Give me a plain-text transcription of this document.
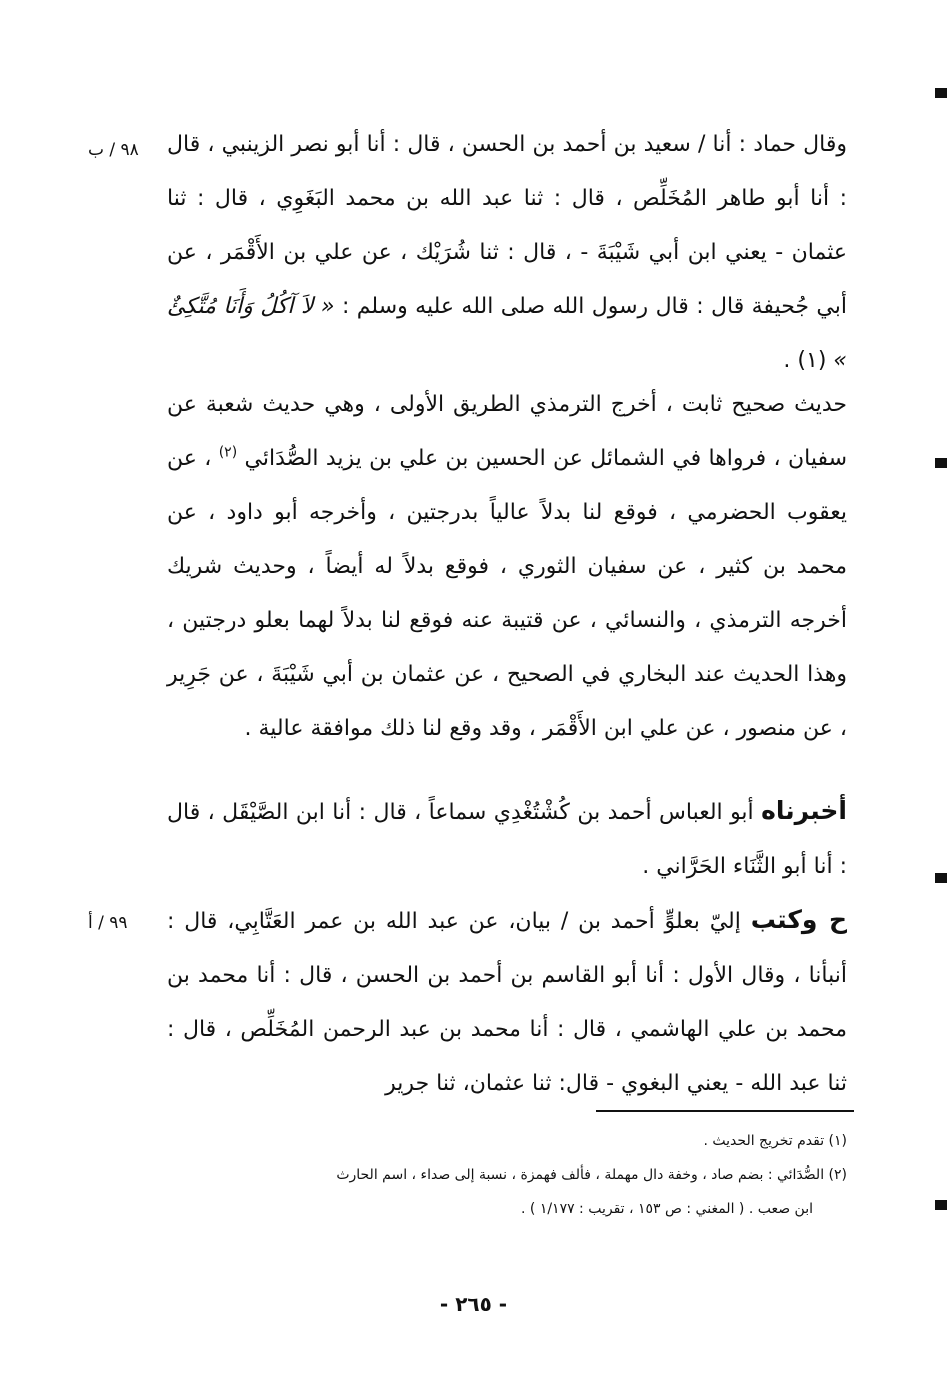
٩٨ / ب
٩٩ / أ
وقال حماد : أنا / سعيد بن أحمد بن الحسن ، قال : أنا أبو نصر الزينبي ، قال : أنا أبو طاهر المُخَلِّص ، قال : ثنا عبد الله بن محمد البَغَوِي ، قال : ثنا عثمان - يعني ابن أبي شَيْبَةَ - ، قال : ثنا شُرَيْك ، عن علي بن الأَقْمَر ، عن أبي جُحيفة قال : قال رسول الله صلى الله عليه وسلم : « لاَ آكُلُ وَأَنَا مُتَّكِئٌ » (١) .
حديث صحيح ثابت ، أخرج الترمذي الطريق الأولى ، وهي حديث شعبة عن سفيان ، فرواها في الشمائل عن الحسين بن علي بن يزيد الصُّدَائي $^{(٢)}$ ، عن يعقوب الحضرمي ، فوقع لنا بدلاً عالياً بدرجتين ، وأخرجه أبو داود ، عن محمد بن كثير ، عن سفيان الثوري ، فوقع بدلاً له أيضاً ، وحديث شريك أخرجه الترمذي ، والنسائي ، عن قتيبة عنه فوقع لنا بدلاً لهما بعلو درجتين ، وهذا الحديث عند البخاري في الصحيح ، عن عثمان بن أبي شَيْبَةَ ، عن جَرِير ، عن منصور ، عن علي ابن الأَقْمَر ، وقد وقع لنا ذلك موافقة عالية .
أخبرناه أبو العباس أحمد بن كُشْتُغْدِي سماعاً ، قال : أنا ابن الصَّيْقَل ، قال : أنا أبو الثَّنَاء الحَرَّاني .
ح وكتب إليّ بعلوٍّ أحمد بن / بيان، عن عبد الله بن عمر العَتَّابِي، قال : أنبأنا ، وقال الأول : أنا أبو القاسم بن أحمد بن الحسن ، قال : أنا محمد بن محمد بن علي الهاشمي ، قال : أنا محمد بن عبد الرحمن المُخَلِّص ، قال : ثنا عبد الله - يعني البغوي - قال: ثنا عثمان، ثنا جرير

(١) تقدم تخريج الحديث .

(٢) الصُّدَائي : بضم صاد ، وخفة دال مهملة ، فألف فهمزة ، نسبة إلى صداء ، اسم الحارث

ابن صعب . ( المغني : ص ١٥٣ ، تقريب : ١/١٧٧ ) .

- ٢٦٥ -
